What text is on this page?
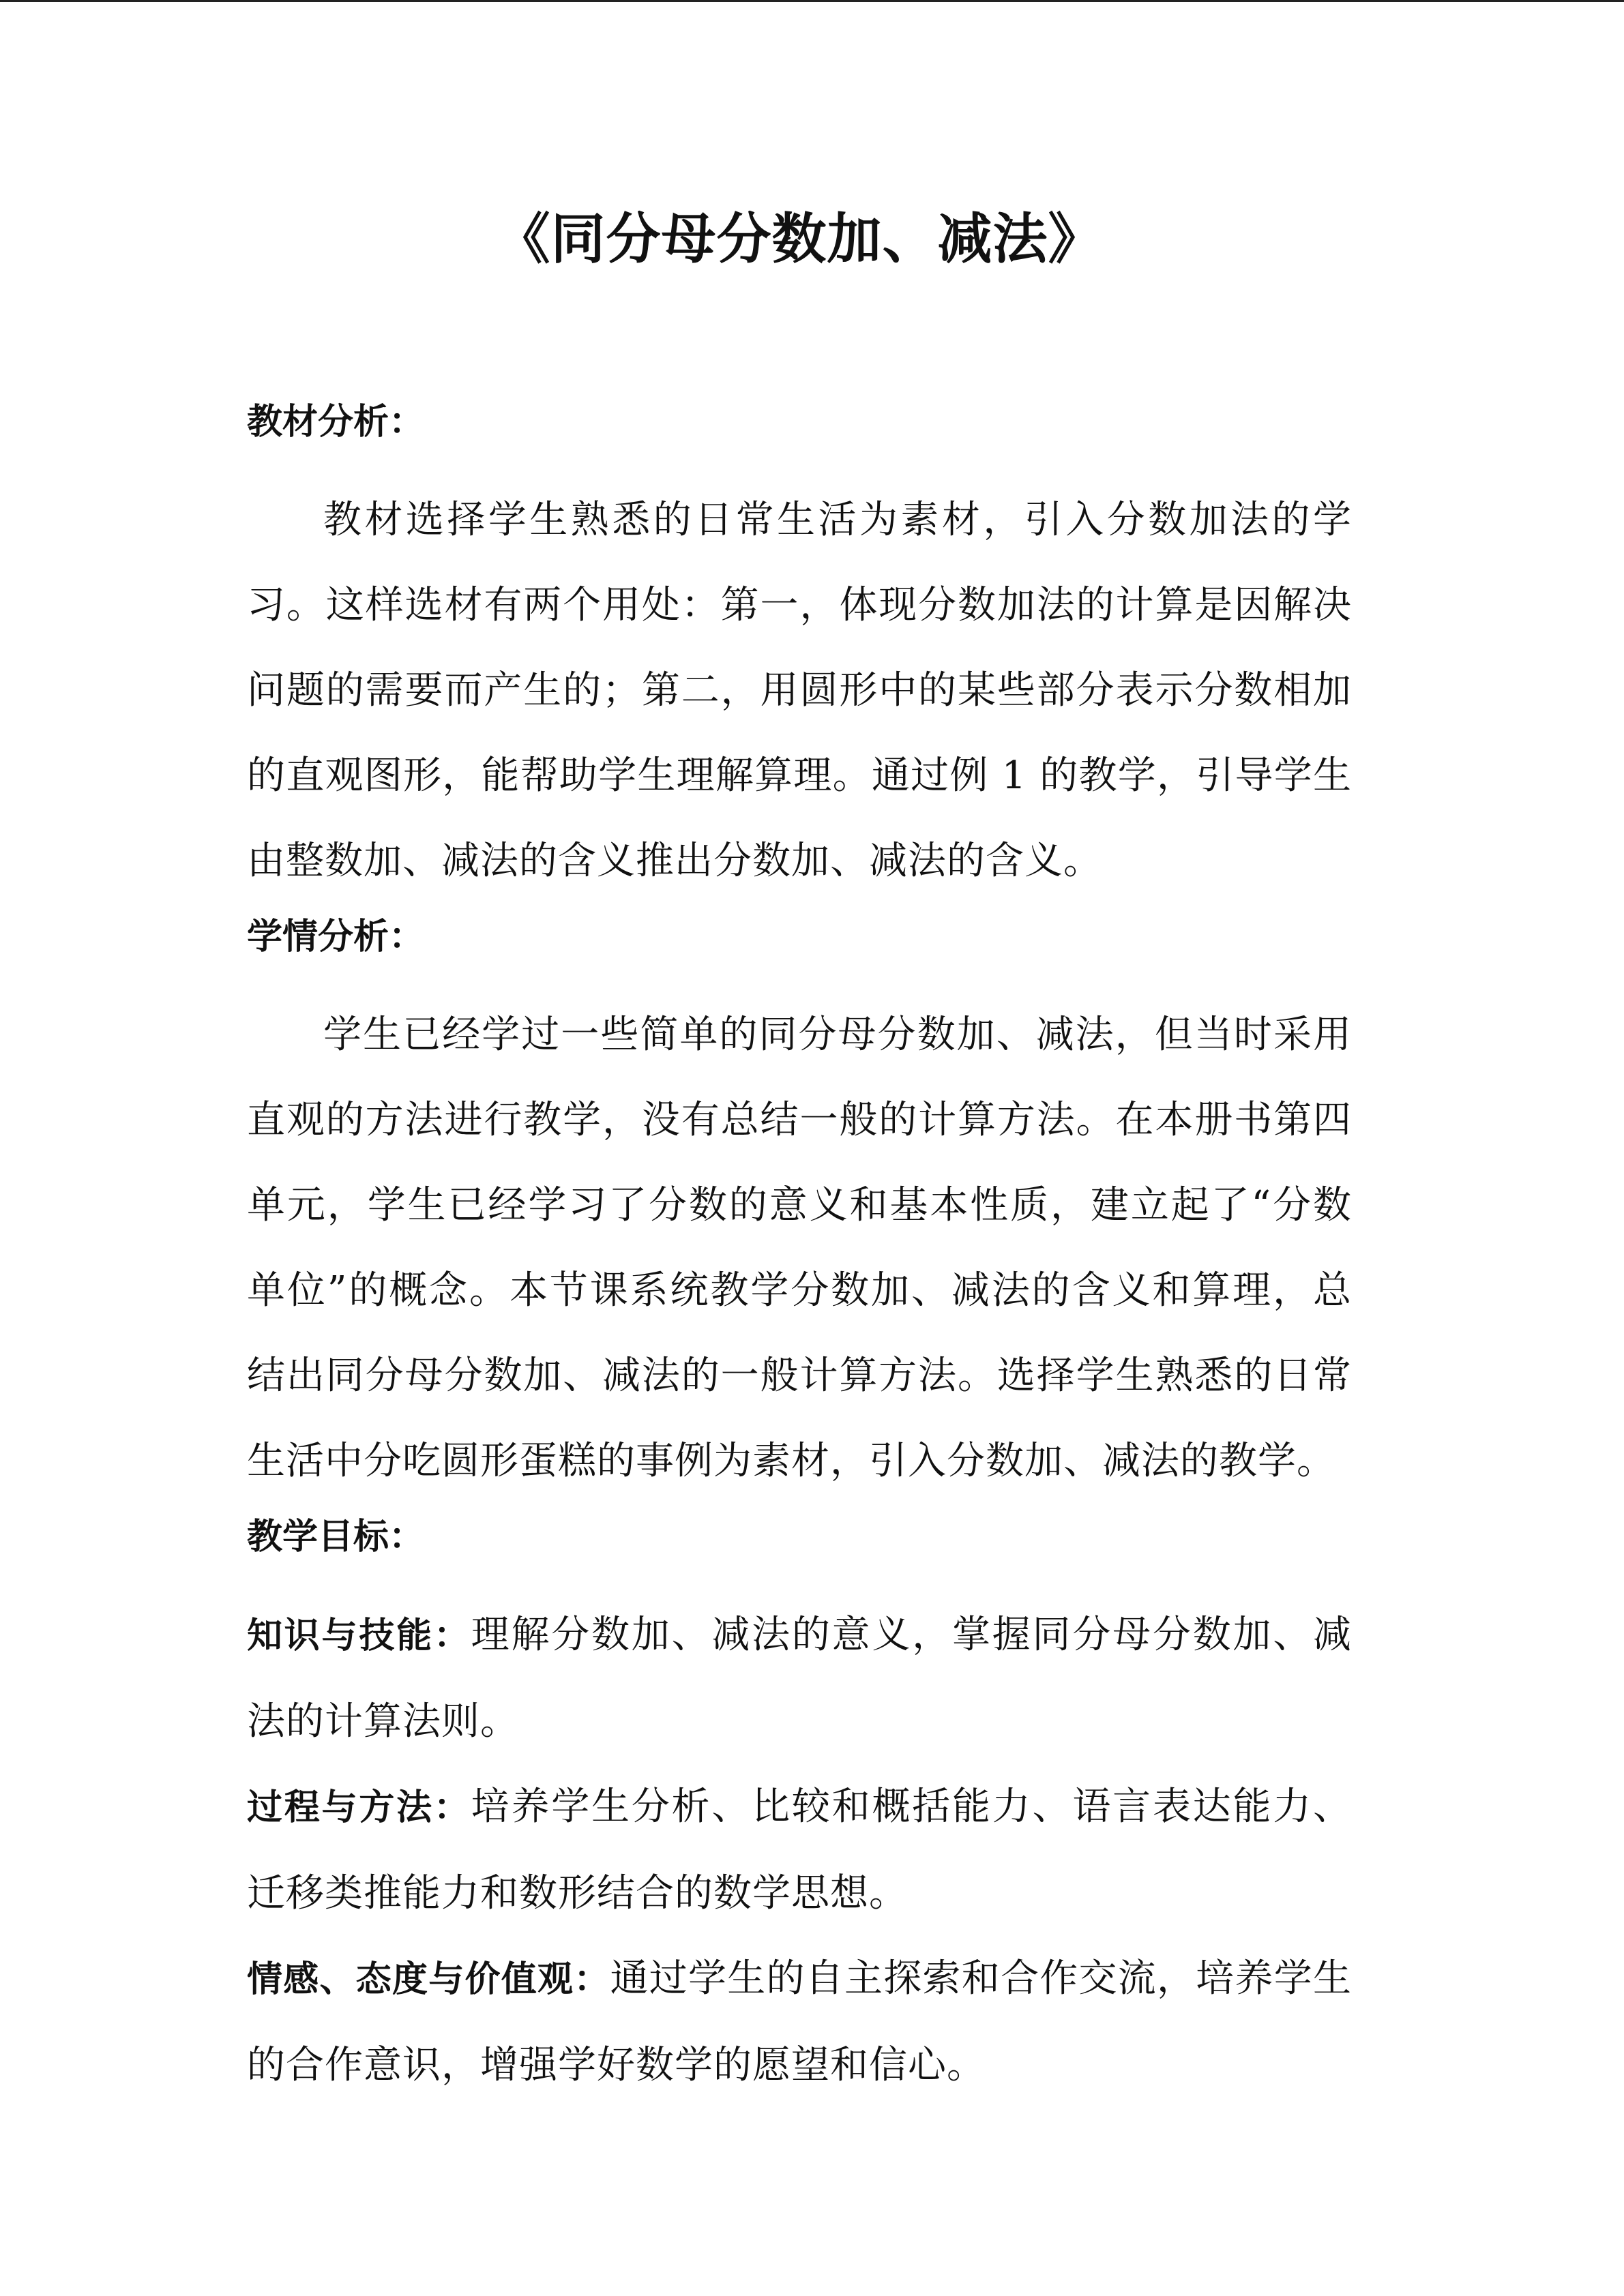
《同分母分数加、减法》
教材分析：

教材选择学生熟悉的日常生活为素材，引入分数加法的学习。这样选材有两个用处：第一，体现分数加法的计算是因解决问题的需要而产生的；第二，用圆形中的某些部分表示分数相加的直观图形，能帮助学生理解算理。通过例 1 的教学，引导学生由整数加、减法的含义推出分数加、减法的含义。

学情分析：

学生已经学过一些简单的同分母分数加、减法，但当时采用直观的方法进行教学，没有总结一般的计算方法。在本册书第四单元，学生已经学习了分数的意义和基本性质，建立起了“分数单位”的概念。本节课系统教学分数加、减法的含义和算理，总结出同分母分数加、减法的一般计算方法。选择学生熟悉的日常生活中分吃圆形蛋糕的事例为素材，引入分数加、减法的教学。

教学目标：

知识与技能：理解分数加、减法的意义，掌握同分母分数加、减法的计算法则。

过程与方法：培养学生分析、比较和概括能力、语言表达能力、迁移类推能力和数形结合的数学思想。

情感、态度与价值观：通过学生的自主探索和合作交流，培养学生的合作意识，增强学好数学的愿望和信心。
